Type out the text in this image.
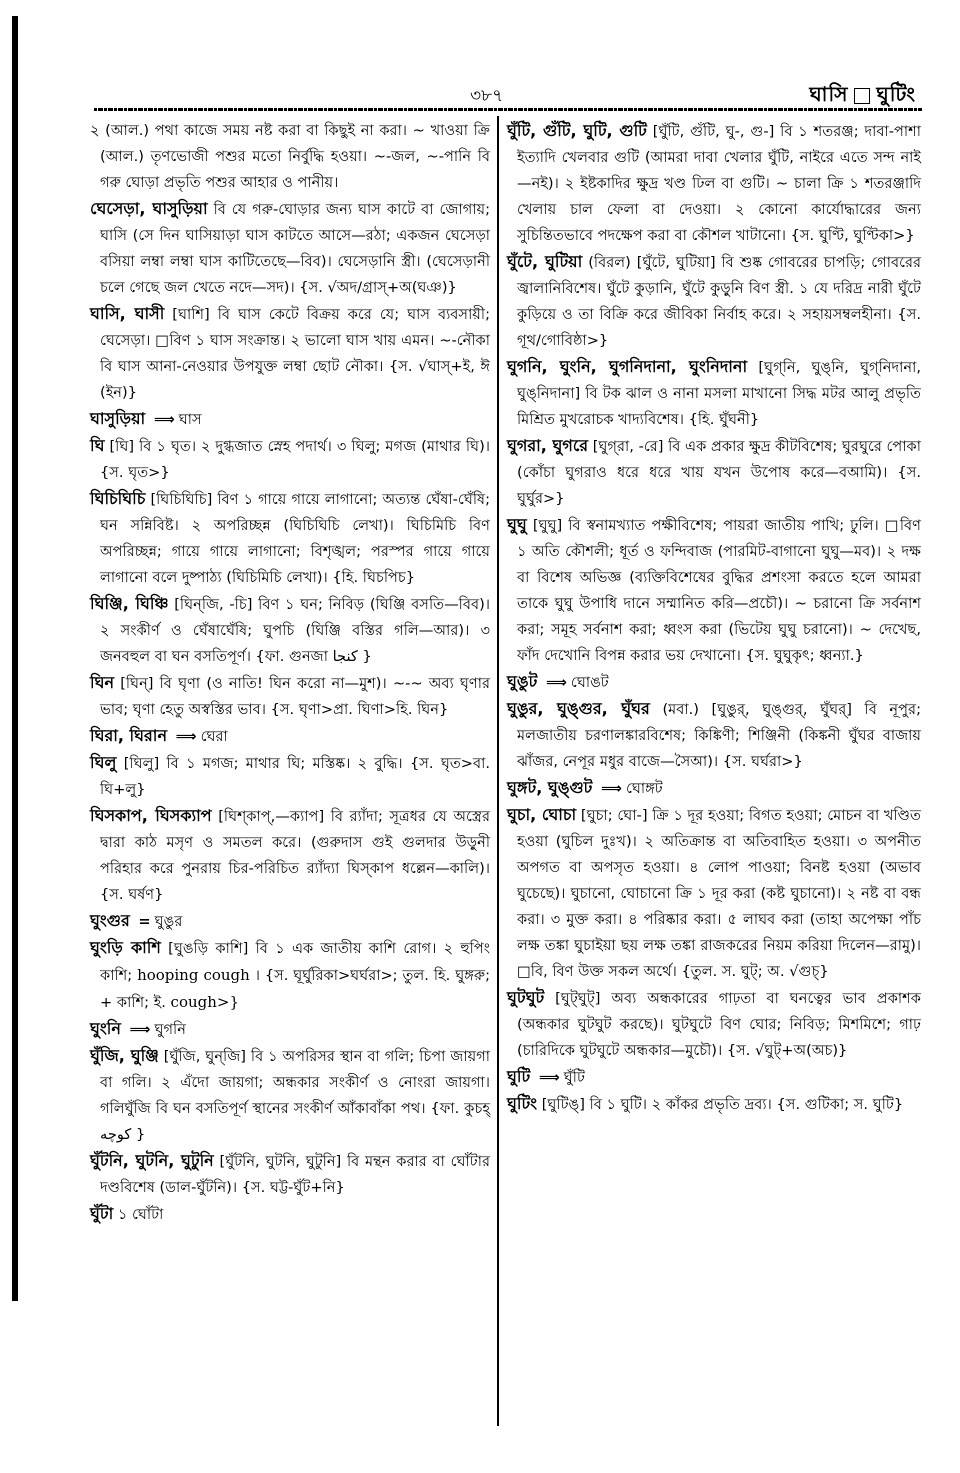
৩৮৭	ঘাসি ঘুটিং

২ (আল.) পথা কাজে সময় নষ্ট করা বা কিছুই না করা। ~ খাওয়া ক্রি (আল.) তৃণভোজী পশুর মতো নির্বুদ্ধি হওয়া। ~-জল, ~-পানি বি গরু ঘোড়া প্রভৃতি পশুর আহার ও পানীয়।

ঘেসেড়া, ঘাসুড়িয়া বি যে গরু-ঘোড়ার জন্য ঘাস কাটে বা জোগায়; ঘাসি (সে দিন ঘাসিয়াড়া ঘাস কাটতে আসে—রঠা; একজন ঘেসেড়া বসিয়া লম্বা লম্বা ঘাস কাটিতেছে—বিব)। ঘেসেড়ানি স্ত্রী। (ঘেসেড়ানী চলে গেছে জল খেতে নদে—সদ)। {স. √অদ/গ্রাস্+অ(ঘঞ)}

ঘাসি, ঘাসী [ঘাশি] বি ঘাস কেটে বিক্রয় করে যে; ঘাস ব্যবসায়ী; ঘেসেড়া। □বিণ ১ ঘাস সংক্রান্ত। ২ ভালো ঘাস খায় এমন। ~-নৌকা বি ঘাস আনা-নেওয়ার উপযুক্ত লম্বা ছোট নৌকা। {স. √ঘাস্+ই, ঈ (ইন)}

ঘাসুড়িয়া ⟹ ঘাস

ঘি [ঘি] বি ১ ঘৃত। ২ দুগ্ধজাত স্নেহ পদার্থ। ৩ ঘিলু; মগজ (মাথার ঘি)। {স. ঘৃত>}

ঘিচিঘিচি [ঘিচিঘিচি] বিণ ১ গায়ে গায়ে লাগানো; অত্যন্ত ঘেঁষা-ঘেঁষি; ঘন সন্নিবিষ্ট। ২ অপরিচ্ছন্ন (ঘিচিঘিচি লেখা)। ঘিচিমিচি বিণ অপরিচ্ছন্ন; গায়ে গায়ে লাগানো; বিশৃঙ্খল; পরস্পর গায়ে গায়ে লাগানো বলে দুষ্পাঠ্য (ঘিচিমিচি লেখা)। {হি. ঘিচপিচ}

ঘিঞ্জি, ঘিঞ্চি [ঘিন্‌জি, -চি] বিণ ১ ঘন; নিবিড় (ঘিঞ্জি বসতি—বিব)। ২ সংকীর্ণ ও ঘেঁষাঘেঁষি; ঘুপচি (ঘিঞ্জি বস্তির গলি—আর)। ৩ জনবহুল বা ঘন বসতিপূর্ণ। {ফা. গুনজা کنجا }

ঘিন [ঘিন্] বি ঘৃণা (ও নাতি! ঘিন করো না—মুশ)। ~-~ অব্য ঘৃণার ভাব; ঘৃণা হেতু অস্বস্তির ভাব। {স. ঘৃণা>প্রা. ঘিণা>হি. ঘিন}

ঘিরা, ঘিরান ⟹ ঘেরা

ঘিলু [ঘিলু] বি ১ মগজ; মাথার ঘি; মস্তিষ্ক। ২ বুদ্ধি। {স. ঘৃত>বা. ঘি+লু}

ঘিসকাপ, ঘিসক্যাপ [ঘিশ্‌কাপ্,—ক্যাপ] বি র‍্যাঁদা; সূত্রধর যে অস্ত্রের দ্বারা কাঠ মসৃণ ও সমতল করে। (গুরুদাস গুই গুলদার উড়ুনী পরিহার করে পুনরায় চির-পরিচিত র‍্যাঁদ্যা ঘিস্‌কাপ ধল্লেন—কালি)। {স. ঘর্ষণ}

ঘুংগুর = ঘুঙুর

ঘুংড়ি কাশি [ঘুঙড়ি কাশি] বি ১ এক জাতীয় কাশি রোগ। ২ হুপিং কাশি; hooping cough । {স. ঘূর্ঘুরিকা>ঘর্ঘরা>; তুল. হি. ঘুঙ্গরু; + কাশি; ই. cough>}

ঘুংনি ⟹ ঘুগনি

ঘুঁজি, ঘুঞ্জি [ঘুঁজি, ঘুন্‌জি] বি ১ অপরিসর স্থান বা গলি; চিপা জায়গা বা গলি। ২ এঁদো জায়গা; অন্ধকার সংকীর্ণ ও নোংরা জায়গা। গলিঘুঁজি বি ঘন বসতিপূর্ণ স্থানের সংকীর্ণ আঁকাবাঁকা পথ। {ফা. কুচহ্ کوچه }

ঘুঁটনি, ঘুটনি, ঘুটুনি [ঘুঁটনি, ঘুটনি, ঘুটুনি] বি মন্থন করার বা ঘোঁটার দণ্ডবিশেষ (ডাল-ঘুঁটনি)। {স. ঘট্ট-ঘুঁট+নি}

ঘুঁটা ১ ঘোঁটা

ঘুঁটি, গুঁটি, ঘুটি, গুটি [ঘুঁটি, গুঁটি, ঘু-, গু-] বি ১ শতরঞ্জ; দাবা-পাশা ইত্যাদি খেলবার গুটি (আমরা দাবা খেলার ঘুঁটি, নাইরে এতে সন্দ নাই—নই)। ২ ইষ্টকাদির ক্ষুদ্র খণ্ড ঢিল বা গুটি। ~ চালা ক্রি ১ শতরঞ্জাদি খেলায় চাল ফেলা বা দেওয়া। ২ কোনো কার্যোদ্ধারের জন্য সুচিন্তিতভাবে পদক্ষেপ করা বা কৌশল খাটানো। {স. ঘুণ্টি, ঘুণ্টিকা>}

ঘুঁটে, ঘুটিয়া (বিরল) [ঘুঁটে, ঘুটিয়া] বি শুষ্ক গোবরের চাপড়ি; গোবরের জ্বালানিবিশেষ। ঘুঁটে কুড়ানি, ঘুঁটে কুড়ুনি বিণ স্ত্রী. ১ যে দরিদ্র নারী ঘুঁটে কুড়িয়ে ও তা বিক্রি করে জীবিকা নির্বাহ করে। ২ সহায়সম্বলহীনা। {স. গূথ/গোবিষ্ঠা>}

ঘুগনি, ঘুংনি, ঘুগনিদানা, ঘুংনিদানা [ঘুগ্‌নি, ঘুঙ্‌নি, ঘুগ্‌নিদানা, ঘুঙ্‌নিদানা] বি টক ঝাল ও নানা মসলা মাখানো সিদ্ধ মটর আলু প্রভৃতি মিশ্রিত মুখরোচক খাদ্যবিশেষ। {হি. ঘুঁঘনী}

ঘুগরা, ঘুগরে [ঘুগ্‌রা, -রে] বি এক প্রকার ক্ষুদ্র কীটবিশেষ; ঘুরঘুরে পোকা (কোঁচা ঘুগরাও ধরে ধরে খায় যখন উপোষ করে—বআমি)। {স. ঘুর্ঘুর>}

ঘুঘু [ঘুঘু] বি স্বনামখ্যাত পক্ষীবিশেষ; পায়রা জাতীয় পাখি; ঢুলি। □বিণ ১ অতি কৌশলী; ধূর্ত ও ফন্দিবাজ (পারমিট-বাগানো ঘুঘু—মব)। ২ দক্ষ বা বিশেষ অভিজ্ঞ (ব্যক্তিবিশেষের বুদ্ধির প্রশংসা করতে হলে আমরা তাকে ঘুঘু উপাধি দানে সম্মানিত করি—প্রচৌ)। ~ চরানো ক্রি সর্বনাশ করা; সমূহ সর্বনাশ করা; ধ্বংস করা (ভিটেয় ঘুঘু চরানো)। ~ দেখেছ, ফাঁদ দেখোনি বিপন্ন করার ভয় দেখানো। {স. ঘুঘুকৃৎ; ধ্বন্যা.}

ঘুঙুট ⟹ ঘোঙট

ঘুঙুর, ঘুঙ্গুর, ঘুঁঘর (মবা.) [ঘুঙুর্, ঘুঙ্‌গুর্, ঘুঁঘর্] বি নূপুর; মলজাতীয় চরণালঙ্কারবিশেষ; কিঙ্কিণী; শিঞ্জিনী (কিঙ্কনী ঘুঁঘর বাজায় ঝাঁজর, নেপূর মধুর বাজে—সৈআ)। {স. ঘর্ঘরা>}

ঘুঙ্গট, ঘুঙ্গুট ⟹ ঘোঙ্গট

ঘুচা, ঘোচা [ঘুচা; ঘো-] ক্রি ১ দূর হওয়া; বিগত হওয়া; মোচন বা খণ্ডিত হওয়া (ঘুচিল দুঃখ)। ২ অতিক্রান্ত বা অতিবাহিত হওয়া। ৩ অপনীত অপগত বা অপসৃত হওয়া। ৪ লোপ পাওয়া; বিনষ্ট হওয়া (অভাব ঘুচেছে)। ঘুচানো, ঘোচানো ক্রি ১ দূর করা (কষ্ট ঘুচানো)। ২ নষ্ট বা বন্ধ করা। ৩ মুক্ত করা। ৪ পরিষ্কার করা। ৫ লাঘব করা (তাহা অপেক্ষা পাঁচ লক্ষ তঙ্কা ঘুচাইয়া ছয় লক্ষ তঙ্কা রাজকরের নিয়ম করিয়া দিলেন—রামু)। □বি, বিণ উক্ত সকল অর্থে। {তুল. স. ঘুট্; অ. √গুচ্}

ঘুটঘুট [ঘুট্‌ঘুট্] অব্য অন্ধকারের গাঢ়তা বা ঘনত্বের ভাব প্রকাশক (অন্ধকার ঘুটঘুট করছে)। ঘুটঘুটে বিণ ঘোর; নিবিড়; মিশমিশে; গাঢ় (চারিদিকে ঘুটঘুটে অন্ধকার—মুচৌ)। {স. √ঘুট্+অ(অচ)}

ঘুটি ⟹ ঘুঁটি

ঘুটিং [ঘুটিঙ্] বি ১ ঘুটি। ২ কাঁকর প্রভৃতি দ্রব্য। {স. গুটিকা; স. ঘুটি}
